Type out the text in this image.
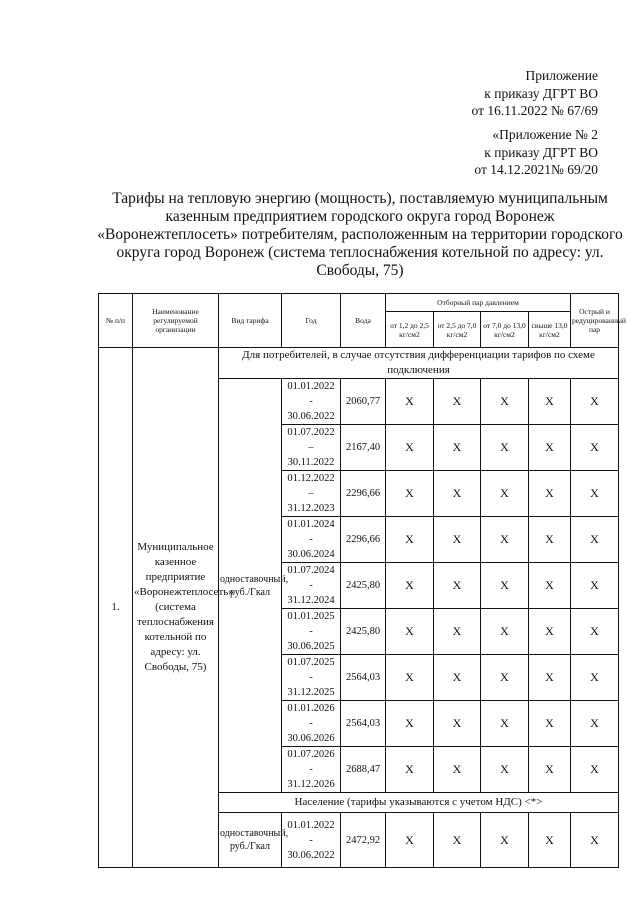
Приложение
к приказу ДГРТ ВО
от 16.11.2022 № 67/69
«Приложение № 2
к приказу ДГРТ ВО
от 14.12.2021№ 69/20
Тарифы на тепловую энергию (мощность), поставляемую муниципальным казенным предприятием городского округа город Воронеж «Воронежтеплосеть» потребителям, расположенным на территории городского округа город Воронеж (система теплоснабжения котельной по адресу: ул. Свободы, 75)
№ п/п	Наименование регулируемой организации	Вид тарифа	Год	Вода	Отборный пар давлением				Острый и редуцированный пар
					от 1,2 до 2,5 кг/см2	от 2,5 до 7,0 кг/см2	от 7,0 до 13,0 кг/см2	свыше 13,0 кг/см2	
1.	Муниципальное казенное предприятие «Воронежтеплосеть» (система теплоснабжения котельной по адресу: ул. Свободы, 75)	Для потребителей, в случае отсутствия дифференциации тарифов по схеме подключения							
		одноставочный, руб./Гкал	01.01.2022
-
30.06.2022	2060,77	X	X	X	X	X

			01.07.2022
–
30.11.2022	2167,40	X	X	X	X	X

			01.12.2022
–
31.12.2023	2296,66	X	X	X	X	X

			01.01.2024
-
30.06.2024	2296,66	X	X	X	X	X

			01.07.2024
-
31.12.2024	2425,80	X	X	X	X	X

			01.01.2025
-
30.06.2025	2425,80	X	X	X	X	X

			01.07.2025
-
31.12.2025	2564,03	X	X	X	X	X

			01.01.2026
-
30.06.2026	2564,03	X	X	X	X	X

			01.07.2026
-
31.12.2026	2688,47	X	X	X	X	X
		Население (тарифы указываются с учетом НДС) <*>							
		одноставочный, руб./Гкал	01.01.2022
-
30.06.2022	2472,92	X	X	X	X	X
